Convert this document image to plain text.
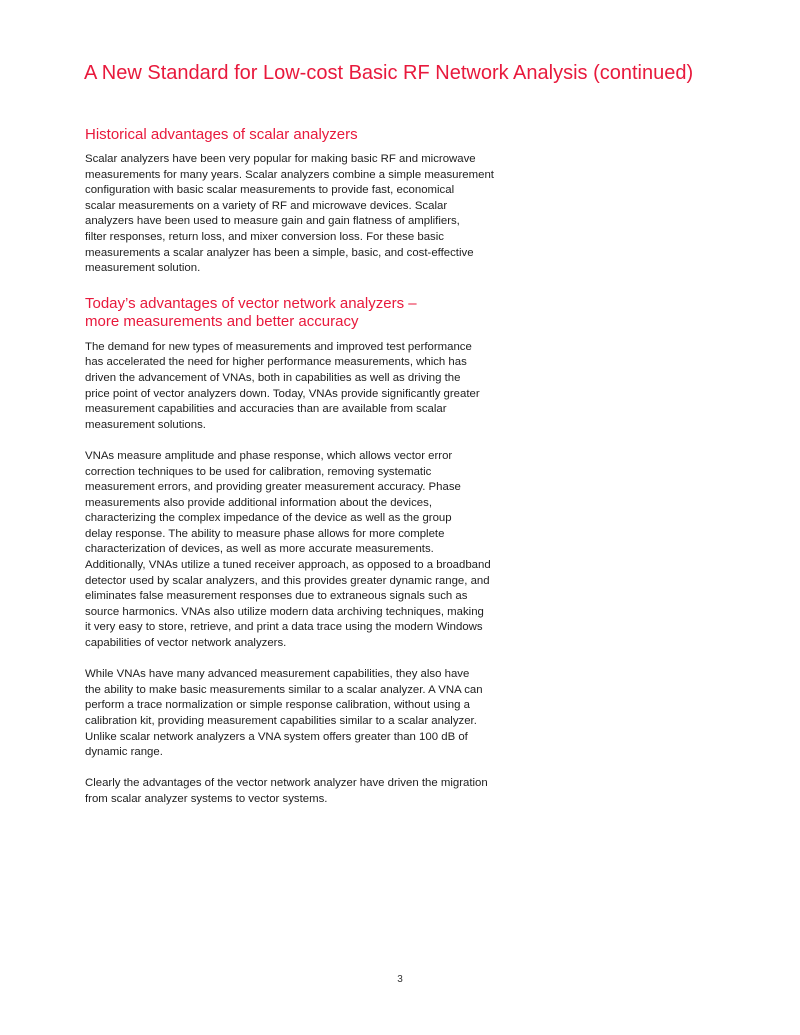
A New Standard for Low-cost Basic RF Network Analysis (continued)
Historical advantages of scalar analyzers

Scalar analyzers have been very popular for making basic RF and microwave
measurements for many years. Scalar analyzers combine a simple measurement
configuration with basic scalar measurements to provide fast, economical
scalar measurements on a variety of RF and microwave devices. Scalar
analyzers have been used to measure gain and gain flatness of amplifiers,
filter responses, return loss, and mixer conversion loss. For these basic
measurements a scalar analyzer has been a simple, basic, and cost-effective
measurement solution.

Today’s advantages of vector network analyzers –
more measurements and better accuracy

The demand for new types of measurements and improved test performance
has accelerated the need for higher performance measurements, which has
driven the advancement of VNAs, both in capabilities as well as driving the
price point of vector analyzers down. Today, VNAs provide significantly greater
measurement capabilities and accuracies than are available from scalar
measurement solutions.

VNAs measure amplitude and phase response, which allows vector error
correction techniques to be used for calibration, removing systematic
measurement errors, and providing greater measurement accuracy. Phase
measurements also provide additional information about the devices,
characterizing the complex impedance of the device as well as the group
delay response. The ability to measure phase allows for more complete
characterization of devices, as well as more accurate measurements.
Additionally, VNAs utilize a tuned receiver approach, as opposed to a broadband
detector used by scalar analyzers, and this provides greater dynamic range, and
eliminates false measurement responses due to extraneous signals such as
source harmonics. VNAs also utilize modern data archiving techniques, making
it very easy to store, retrieve, and print a data trace using the modern Windows
capabilities of vector network analyzers.

While VNAs have many advanced measurement capabilities, they also have
the ability to make basic measurements similar to a scalar analyzer. A VNA can
perform a trace normalization or simple response calibration, without using a
calibration kit, providing measurement capabilities similar to a scalar analyzer.
Unlike scalar network analyzers a VNA system offers greater than 100 dB of
dynamic range.

Clearly the advantages of the vector network analyzer have driven the migration
from scalar analyzer systems to vector systems.

3
